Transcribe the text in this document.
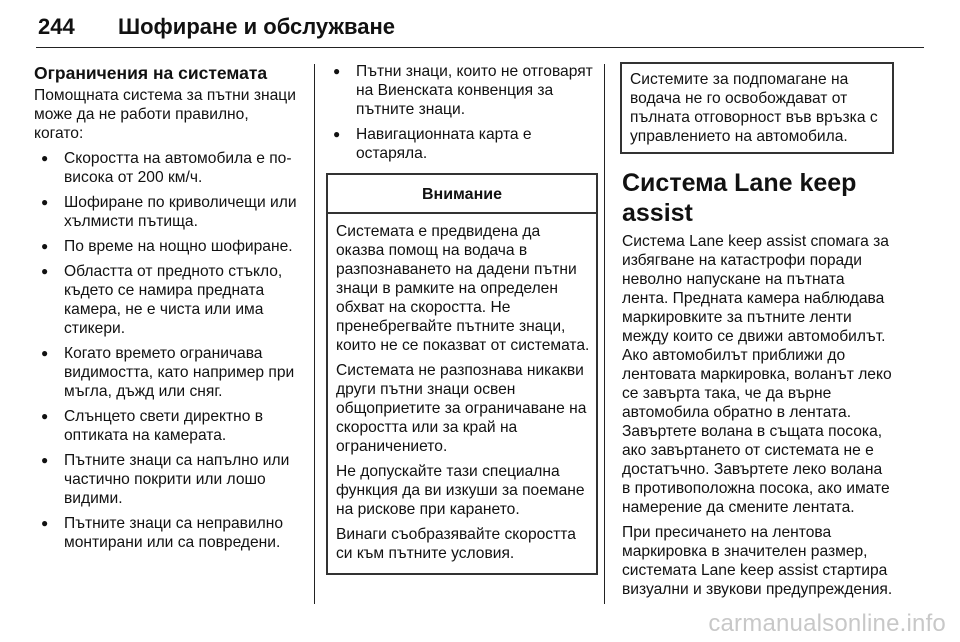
244 Шофиране и обслужване
Ограничения на системата

Помощната система за пътни знаци може да не работи правилно, когато:

● Скоростта на автомобила е по-висока от 200 км/ч.
● Шофиране по криволичещи или хълмисти пътища.
● По време на нощно шофиране.
● Областта от предното стъкло, където се намира предната камера, не е чиста или има стикери.
● Когато времето ограничава видимостта, като например при мъгла, дъжд или сняг.
● Слънцето свети директно в оптиката на камерата.
● Пътните знаци са напълно или частично покрити или лошо видими.
● Пътните знаци са неправилно монтирани или са повредени.
● Пътни знаци, които не отговарят на Виенската конвенция за пътните знаци.
● Навигационната карта е остаряла.
Внимание

Системата е предвидена да оказва помощ на водача в разпознаването на дадени пътни знаци в рамките на определен обхват на скоростта. Не пренебрегвайте пътните знаци, които не се показват от системата.

Системата не разпознава никакви други пътни знаци освен общоприетите за ограничаване на скоростта или за край на ограничението.

Не допускайте тази специална функция да ви изкуши за поемане на рискове при карането.

Винаги съобразявайте скоростта си към пътните условия.

Системите за подпомагане на водача не го освобождават от пълната отговорност във връзка с управлението на автомобила.
Система Lane keep assist

Система Lane keep assist спомага за избягване на катастрофи поради неволно напускане на пътната лента. Предната камера наблюдава маркировките за пътните ленти между които се движи автомобилът. Ако автомобилът приближи до лентовата маркировка, воланът леко се завърта така, че да върне автомобила обратно в лентата. Завъртете волана в същата посока, ако завъртането от системата не е достатъчно. Завъртете леко волана в противоположна посока, ако имате намерение да смените лентата.

При пресичането на лентова маркировка в значителен размер, системата Lane keep assist стартира визуални и звукови предупреждения.

carmanualsonline.info
